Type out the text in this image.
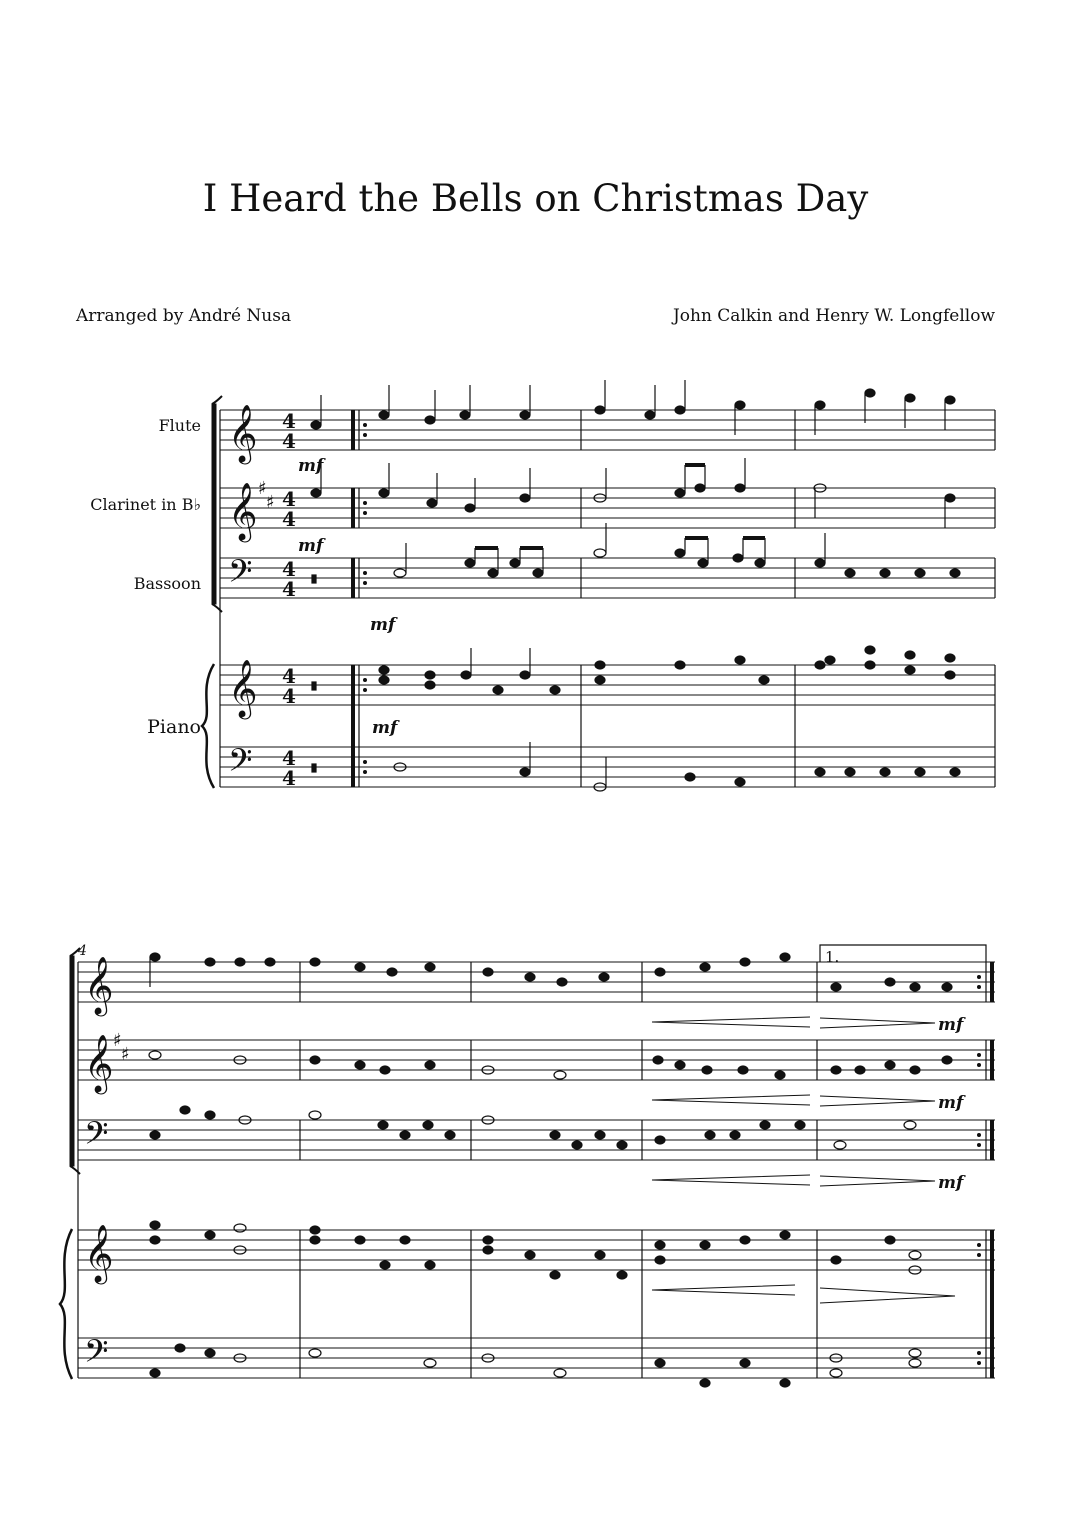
I Heard the Bells on Christmas Day
Arranged by André Nusa	John Calkin and Henry W. Longfellow
Flute
Clarinet in B♭
Bassoon
Piano
𝄞
𝄞
𝄢
𝄞
𝄢
♯
♯
4
4
4
4
4
4
4
4
4
4
mf
mf
mf
mf
4
𝄞
𝄞
𝄢
𝄞
𝄢
♯
♯
1.
mf
mf
mf
